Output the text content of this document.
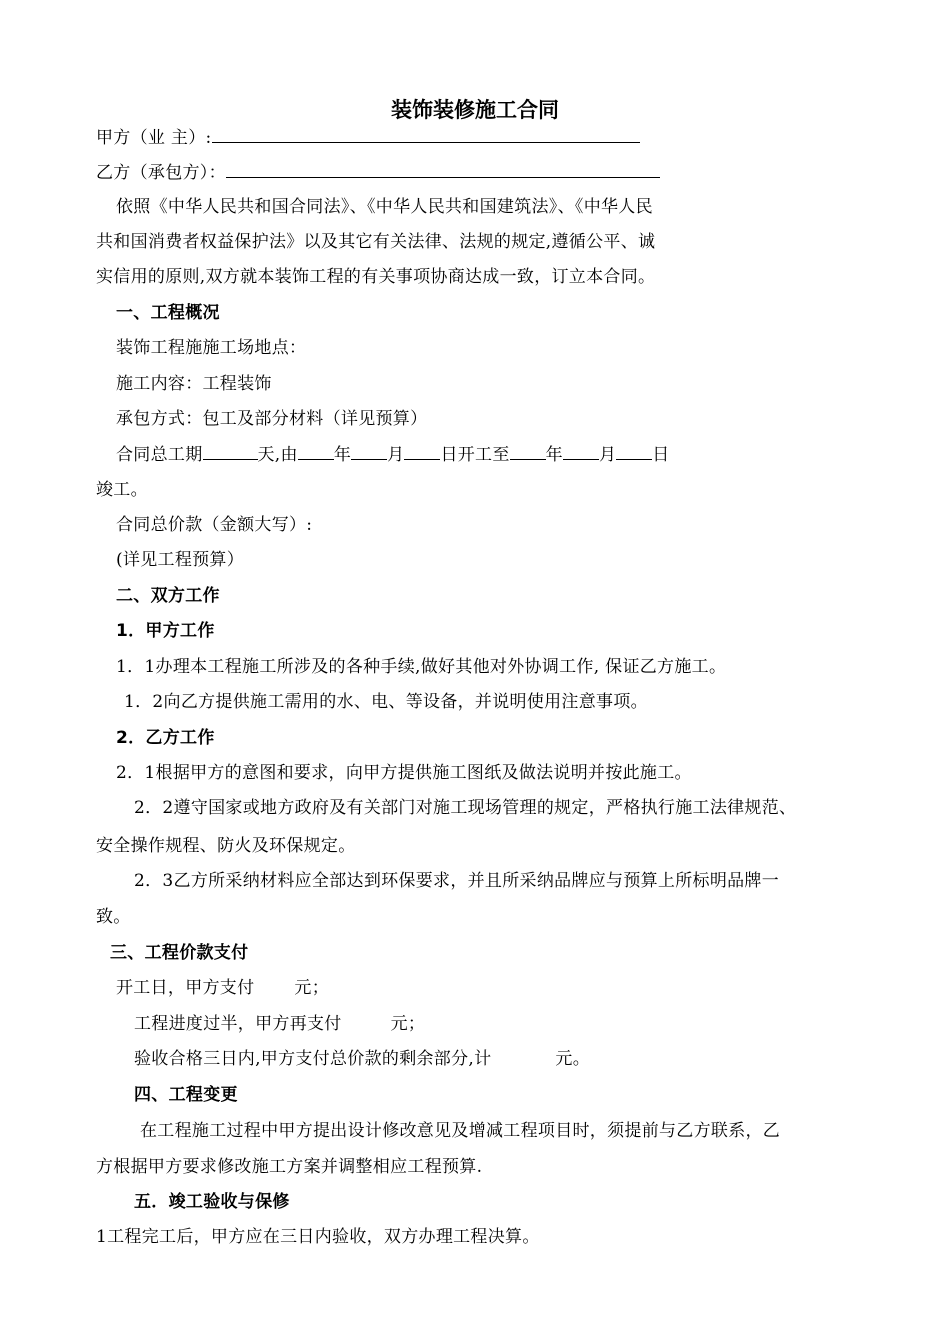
装饰装修施工合同
甲方（业 主）:
乙方（承包方）：
依照《中华人民共和国合同法》、《中华人民共和国建筑法》、《中华人民
共和国消费者权益保护法》以及其它有关法律、法规的规定,遵循公平、诚
实信用的原则,双方就本装饰工程的有关事项协商达成一致，订立本合同。
一、工程概况
装饰工程施施工场地点：
施工内容：工程装饰
承包方式：包工及部分材料（详见预算）
合同总工期	天,由 年 月 日开工至 年 月 日
竣工。
合同总价款（金额大写）:
(详见工程预算）
二、双方工作
1．甲方工作
1．1办理本工程施工所涉及的各种手续,做好其他对外协调工作, 保证乙方施工。
1．2向乙方提供施工需用的水、电、等设备，并说明使用注意事项。
2．乙方工作
2．1根据甲方的意图和要求，向甲方提供施工图纸及做法说明并按此施工。
2．2遵守国家或地方政府及有关部门对施工现场管理的规定，严格执行施工法律规范、
安全操作规程、防火及环保规定。
2．3乙方所采纳材料应全部达到环保要求，并且所采纳品牌应与预算上所标明品牌一
致。
三、工程价款支付
开工日，甲方支付 元；
工程进度过半，甲方再支付	元；
验收合格三日内,甲方支付总价款的剩余部分,计	元。
四、工程变更
在工程施工过程中甲方提出设计修改意见及增减工程项目时，须提前与乙方联系，乙
方根据甲方要求修改施工方案并调整相应工程预算.
五．竣工验收与保修
1工程完工后，甲方应在三日内验收，双方办理工程决算。
